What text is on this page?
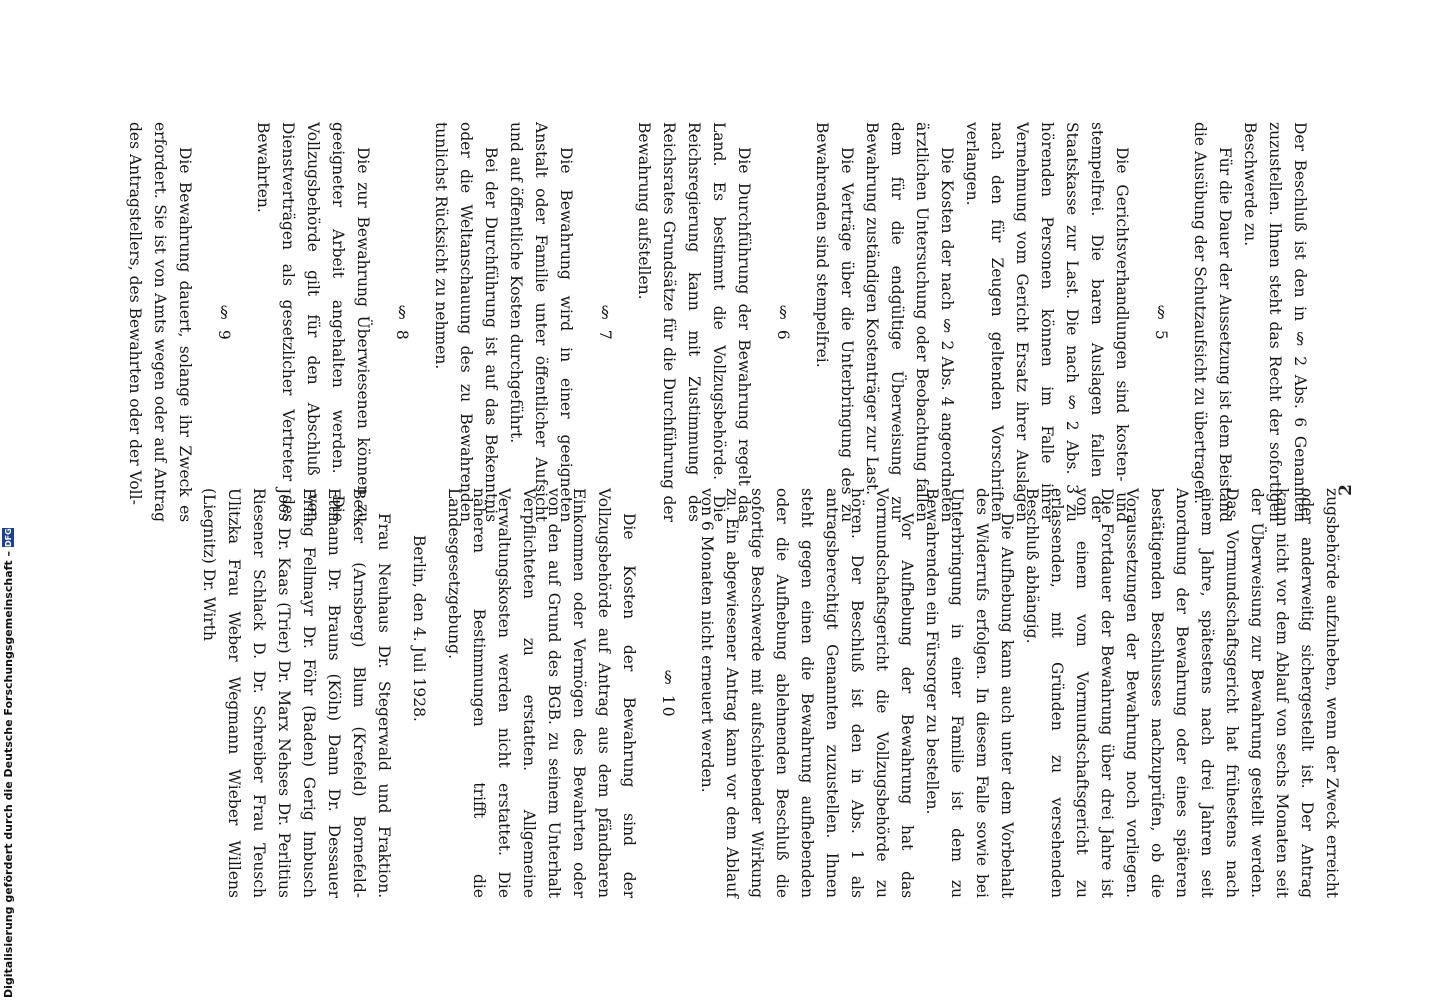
2

Der Beschluß ist den in § 2 Abs. 6 Genannten zuzustellen. Ihnen steht das Recht der sofortigen Beschwerde zu.

Für die Dauer der Aussetzung ist dem Beistand die Ausübung der Schutzaufsicht zu übertragen.

§ 5

Die Gerichtsverhandlungen sind kosten- und stempelfrei. Die baren Auslagen fallen der Staatskasse zur Last. Die nach § 2 Abs. 3 zu hörenden Personen können im Falle ihrer Vernehmung vom Gericht Ersatz ihrer Auslagen nach den für Zeugen geltenden Vorschriften verlangen.

Die Kosten der nach § 2 Abs. 4 angeordneten ärztlichen Untersuchung oder Beobachtung fallen dem für die endgültige Überweisung zur Bewahrung zuständigen Kostenträger zur Last.

Die Verträge über die Unterbringung des zu Bewahrenden sind stempelfrei.

§ 6

Die Durchführung der Bewahrung regelt das Land. Es bestimmt die Vollzugsbehörde. Die Reichsregierung kann mit Zustimmung des Reichsrates Grundsätze für die Durchführung der Bewahrung aufstellen.

§ 7

Die Bewahrung wird in einer geeigneten Anstalt oder Familie unter öffentlicher Aufsicht und auf öffentliche Kosten durchgeführt.

Bei der Durchführung ist auf das Bekenntnis oder die Weltanschauung des zu Bewahrenden tunlichst Rücksicht zu nehmen.

§ 8

Die zur Bewahrung Überwiesenen können zu geeigneter Arbeit angehalten werden. Die Vollzugsbehörde gilt für den Abschluß von Dienstverträgen als gesetzlicher Vertreter des Bewahrten.

§ 9

Die Bewahrung dauert, solange ihr Zweck es erfordert. Sie ist von Amts wegen oder auf Antrag des Antragstellers, des Bewahrten oder der Voll-

zugsbehörde aufzuheben, wenn der Zweck erreicht oder anderweitig sichergestellt ist. Der Antrag kann nicht vor dem Ablauf von sechs Monaten seit der Überweisung zur Bewahrung gestellt werden. Das Vormundschaftsgericht hat frühestens nach einem Jahre, spätestens nach drei Jahren seit Anordnung der Bewahrung oder eines späteren bestätigenden Beschlusses nachzuprüfen, ob die Voraussetzungen der Bewahrung noch vorliegen. Die Fortdauer der Bewahrung über drei Jahre ist von einem vom Vormundschaftsgericht zu erlassenden, mit Gründen zu versehenden Beschluß abhängig.

Die Aufhebung kann auch unter dem Vorbehalt des Widerrufs erfolgen. In diesem Falle sowie bei Unterbringung in einer Familie ist dem zu Bewahrenden ein Fürsorger zu bestellen.

Vor Aufhebung der Bewahrung hat das Vormundschaftsgericht die Vollzugsbehörde zu hören. Der Beschluß ist den in Abs. 1 als antragsberechtigt Genannten zuzustellen. Ihnen steht gegen einen die Bewahrung aufhebenden oder die Aufhebung ablehnenden Beschluß die sofortige Beschwerde mit aufschiebender Wirkung zu. Ein abgewiesener Antrag kann vor dem Ablauf von 6 Monaten nicht erneuert werden.

§ 10

Die Kosten der Bewahrung sind der Vollzugsbehörde auf Antrag aus dem pfändbaren Einkommen oder Vermögen des Bewahrten oder von den auf Grund des BGB. zu seinem Unterhalt Verpflichteten zu erstatten. Allgemeine Verwaltungskosten werden nicht erstattet. Die näheren Bestimmungen trifft die Landesgesetzgebung.

Berlin, den 4. Juli 1928.

Frau Neuhaus Dr. Stegerwald und Fraktion. Becker (Arnsberg) Blum (Krefeld) Bornefeld-Ettmann Dr. Brauns (Köln) Dann Dr. Dessauer Erfing Fellmayr Dr. Föhr (Baden) Gerig Imbusch Joos Dr. Kaas (Trier) Dr. Marx Nehses Dr. Perlitius Riesener Schlack D. Dr. Schreiber Frau Teusch Ulitzka Frau Weber Wegmann Wieber Willens (Liegnitz) Dr. Wirth

Digitalisierung gefördert durch die Deutsche Forschungsgemeinschaft –
DFG
